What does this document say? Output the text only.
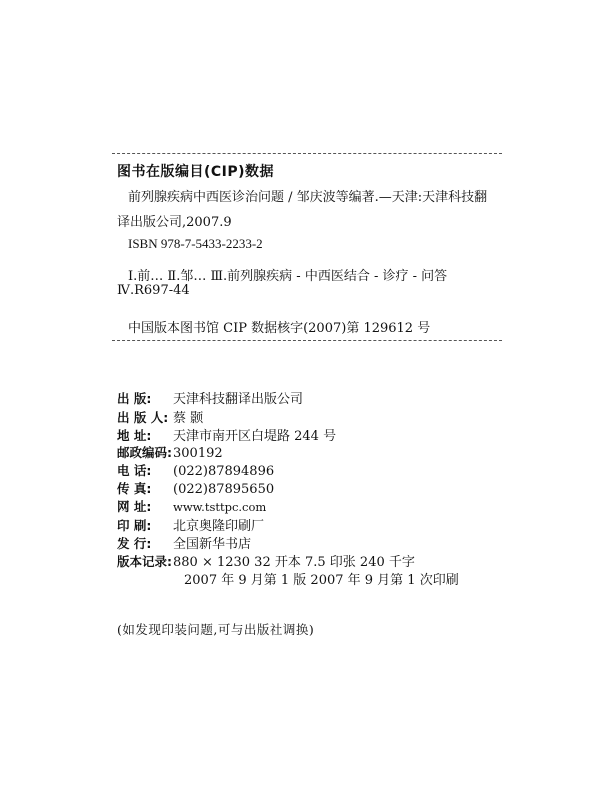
图书在版编目(CIP)数据
前列腺疾病中西医诊治问题 / 邹庆波等编著.—天津:天津科技翻
译出版公司,2007.9
ISBN 978-7-5433-2233-2
Ⅰ.前… Ⅱ.邹… Ⅲ.前列腺疾病 - 中西医结合 - 诊疗 - 问答
Ⅳ.R697-44
中国版本图书馆 CIP 数据核字(2007)第 129612 号
出 版: 天津科技翻译出版公司
出 版 人: 蔡 颢
地 址: 天津市南开区白堤路 244 号
邮政编码:300192
电 话: (022)87894896
传 真: (022)87895650
网 址: www.tsttpc.com
印 刷: 北京奥隆印刷厂
发 行: 全国新华书店
版本记录:880 × 1230 32 开本 7.5 印张 240 千字
2007 年 9 月第 1 版 2007 年 9 月第 1 次印刷
(如发现印装问题,可与出版社调换)
